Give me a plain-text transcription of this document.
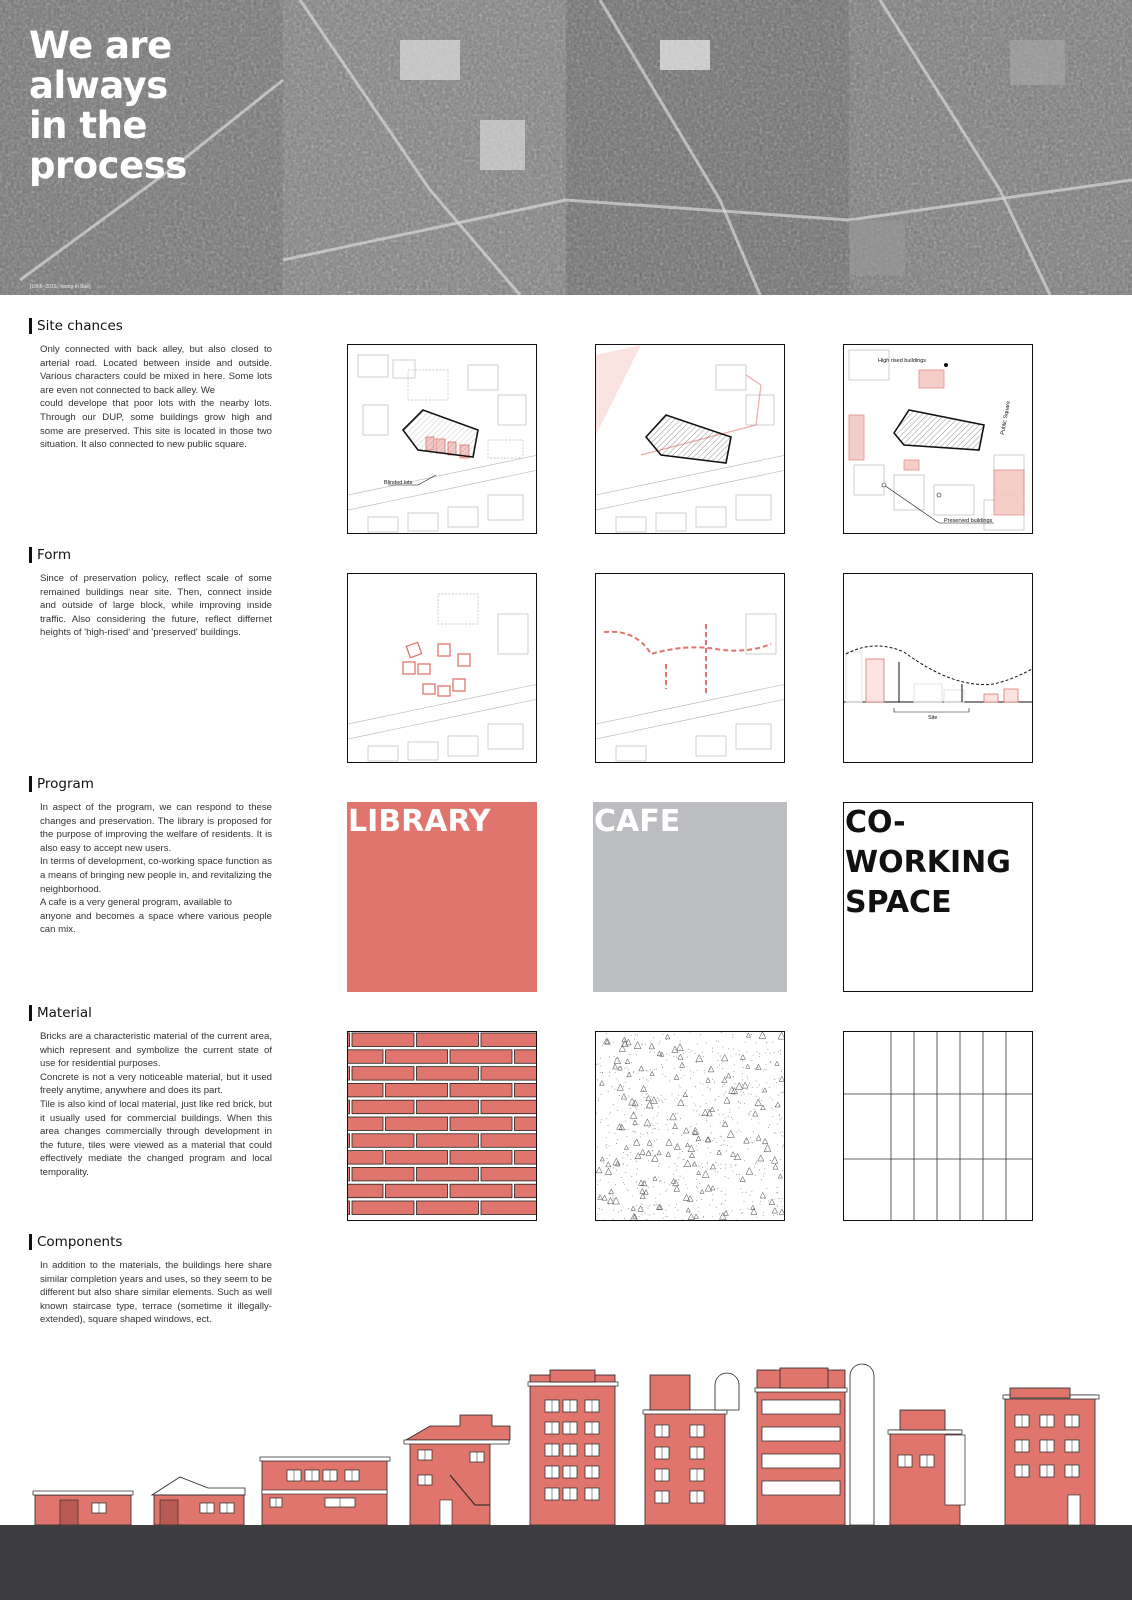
We are
always
in the
process
[1966~2016, Yeong-in Bae]
Site chances
Only connected with back alley, but also closed to arterial road. Located between inside and outside. Various characters could be mixed in here. Some lots are even not connected to back alley. We
could develope that poor lots with the nearby lots. Through our DUP, some buildings grow high and some are preserved. This site is located in those two situation. It also connected to new public square.
Blinded lots
High rised buildings
Public Square
Preserved buildings
Form
Since of preservation policy, reflect scale of some remained buildings near site. Then, connect inside and outside of large block, while improving inside traffic. Also considering the future, reflect differnet heights of 'high-rised' and 'preserved' buildings.
Site
Program
In aspect of the program, we can respond to these changes and preservation. The library is proposed for the purpose of improving the welfare of residents. It is also easy to accept new users.
In terms of development, co-working space function as a means of bringing new people in, and revitalizing the neighborhood.
A cafe is a very general program, available to
anyone and becomes a space where various people can mix.
LIBRARY	CAFE	CO-
WORKING
SPACE
Material
Bricks are a characteristic material of the current area, which represent and symbolize the current state of use for residential purposes.
Concrete is not a very noticeable material, but it used freely anytime, anywhere and does its part.
Tile is also kind of local material, just like red brick, but it usually used for commercial buildings. When this area changes commercially through development in the future, tiles were viewed as a material that could effectively mediate the changed program and local temporality.
Components
In addition to the materials, the buildings here share similar completion years and uses, so they seem to be different but also share similar elements. Such as well known staircase type, terrace (sometime it illegally-extended), square shaped windows, ect.
